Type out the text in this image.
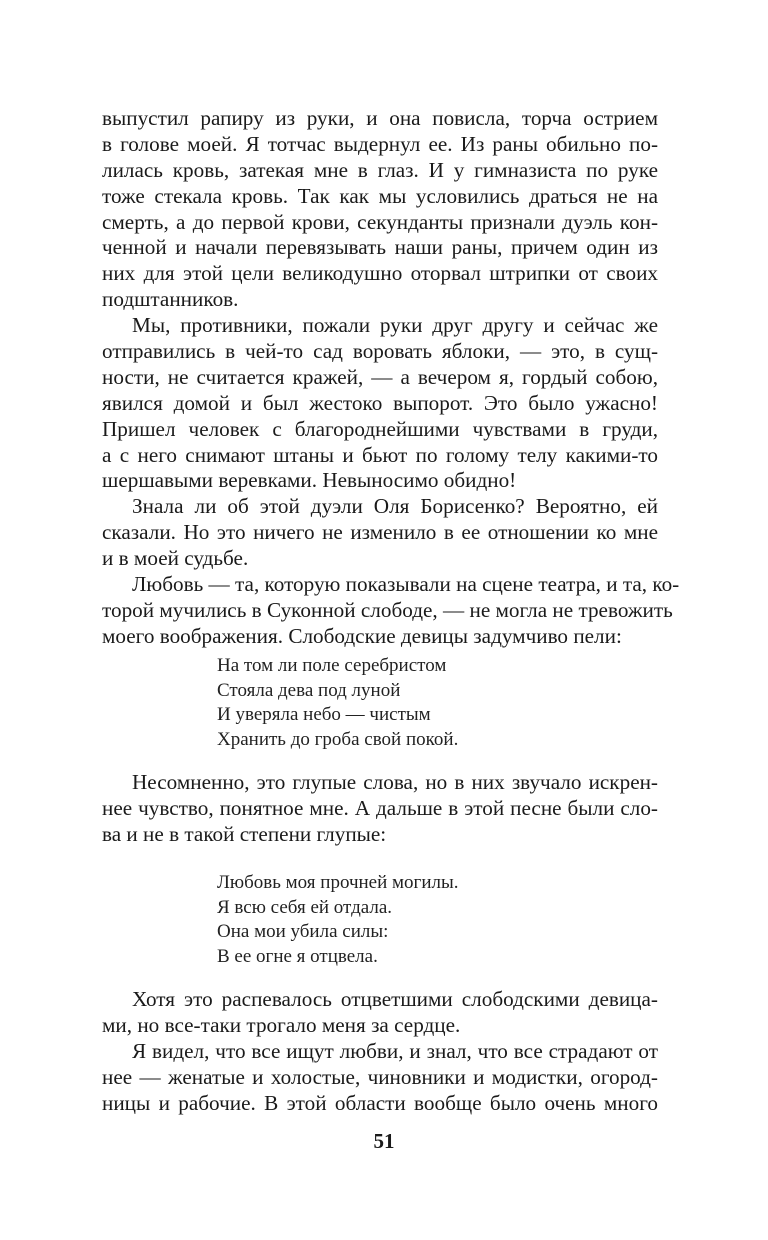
выпустил рапиру из руки, и она повисла, торча острием
в голове моей. Я тотчас выдернул ее. Из раны обильно по-
лилась кровь, затекая мне в глаз. И у гимназиста по руке
тоже стекала кровь. Так как мы условились драться не на
смерть, а до первой крови, секунданты признали дуэль кон-
ченной и начали перевязывать наши раны, причем один из
них для этой цели великодушно оторвал штрипки от своих
подштанников.
Мы, противники, пожали руки друг другу и сейчас же
отправились в чей-то сад воровать яблоки, — это, в сущ-
ности, не считается кражей, — а вечером я, гордый собою,
явился домой и был жестоко выпорот. Это было ужасно!
Пришел человек с благороднейшими чувствами в груди,
а с него снимают штаны и бьют по голому телу какими-то
шершавыми веревками. Невыносимо обидно!
Знала ли об этой дуэли Оля Борисенко? Вероятно, ей
сказали. Но это ничего не изменило в ее отношении ко мне
и в моей судьбе.
Любовь — та, которую показывали на сцене театра, и та, ко-
торой мучились в Суконной слободе, — не могла не тревожить
моего воображения. Слободские девицы задумчиво пели:
На том ли поле серебристом
Стояла дева под луной
И уверяла небо — чистым
Хранить до гроба свой покой.
Несомненно, это глупые слова, но в них звучало искрен-
нее чувство, понятное мне. А дальше в этой песне были сло-
ва и не в такой степени глупые:
Любовь моя прочней могилы.
Я всю себя ей отдала.
Она мои убила силы:
В ее огне я отцвела.
Хотя это распевалось отцветшими слободскими девица-
ми, но все-таки трогало меня за сердце.
Я видел, что все ищут любви, и знал, что все страдают от
нее — женатые и холостые, чиновники и модистки, огород-
ницы и рабочие. В этой области вообще было очень много
51
